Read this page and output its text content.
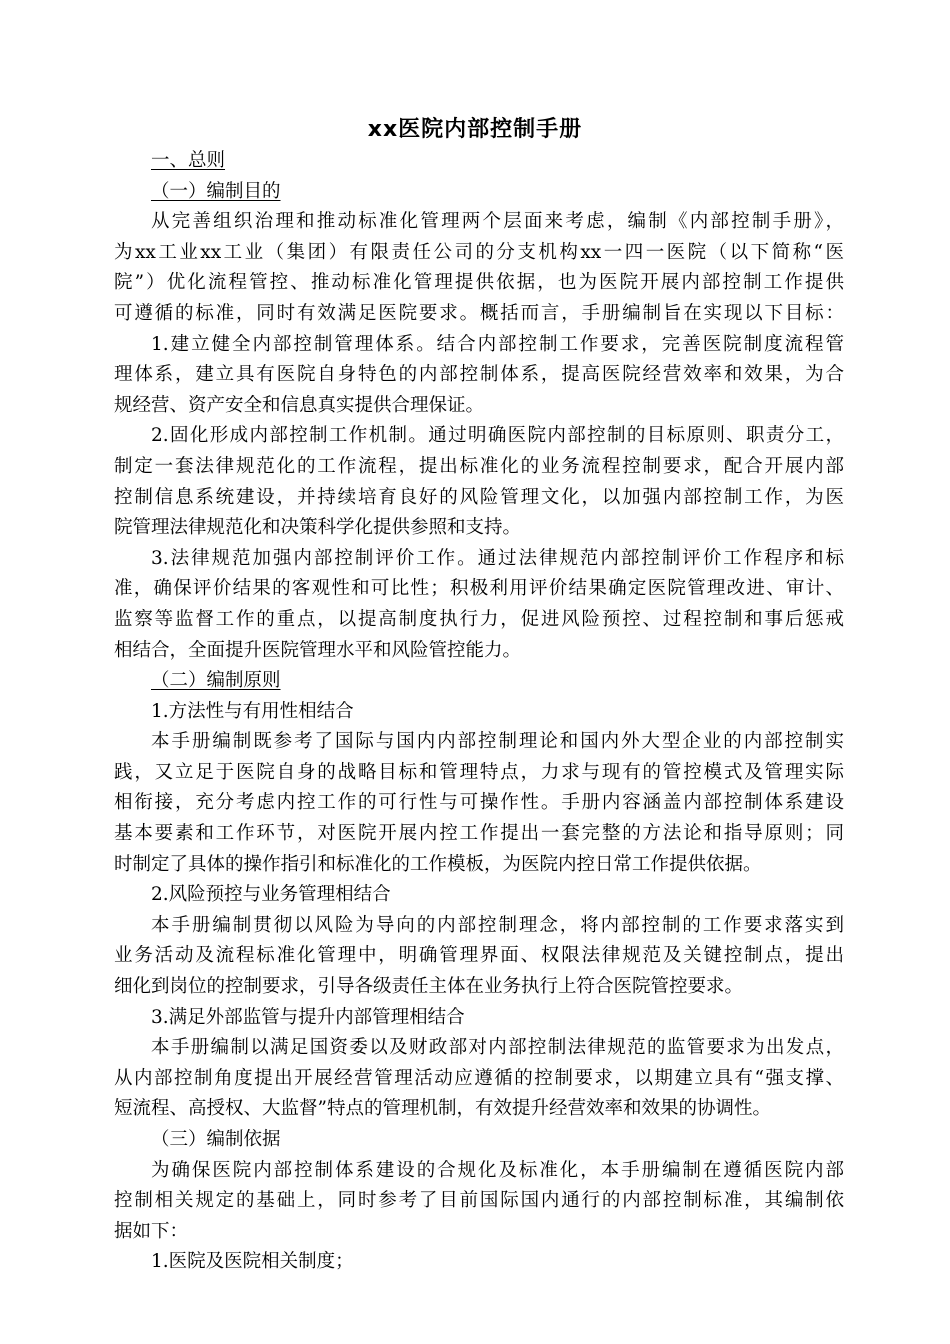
xx医院内部控制手册
一、总则
（一）编制目的
从完善组织治理和推动标准化管理两个层面来考虑，编制《内部控制手册》，
为xx工业xx工业（集团）有限责任公司的分支机构xx一四一医院（以下简称“医
院”）优化流程管控、推动标准化管理提供依据，也为医院开展内部控制工作提供
可遵循的标准，同时有效满足医院要求。概括而言，手册编制旨在实现以下目标：
1.建立健全内部控制管理体系。结合内部控制工作要求，完善医院制度流程管
理体系，建立具有医院自身特色的内部控制体系，提高医院经营效率和效果，为合
规经营、资产安全和信息真实提供合理保证。
2.固化形成内部控制工作机制。通过明确医院内部控制的目标原则、职责分工，
制定一套法律规范化的工作流程，提出标准化的业务流程控制要求，配合开展内部
控制信息系统建设，并持续培育良好的风险管理文化，以加强内部控制工作，为医
院管理法律规范化和决策科学化提供参照和支持。
3.法律规范加强内部控制评价工作。通过法律规范内部控制评价工作程序和标
准，确保评价结果的客观性和可比性；积极利用评价结果确定医院管理改进、审计、
监察等监督工作的重点，以提高制度执行力，促进风险预控、过程控制和事后惩戒
相结合，全面提升医院管理水平和风险管控能力。
（二）编制原则
1.方法性与有用性相结合
本手册编制既参考了国际与国内内部控制理论和国内外大型企业的内部控制实
践，又立足于医院自身的战略目标和管理特点，力求与现有的管控模式及管理实际
相衔接，充分考虑内控工作的可行性与可操作性。手册内容涵盖内部控制体系建设
基本要素和工作环节，对医院开展内控工作提出一套完整的方法论和指导原则；同
时制定了具体的操作指引和标准化的工作模板，为医院内控日常工作提供依据。
2.风险预控与业务管理相结合
本手册编制贯彻以风险为导向的内部控制理念，将内部控制的工作要求落实到
业务活动及流程标准化管理中，明确管理界面、权限法律规范及关键控制点，提出
细化到岗位的控制要求，引导各级责任主体在业务执行上符合医院管控要求。
3.满足外部监管与提升内部管理相结合
本手册编制以满足国资委以及财政部对内部控制法律规范的监管要求为出发点，
从内部控制角度提出开展经营管理活动应遵循的控制要求，以期建立具有“强支撑、
短流程、高授权、大监督”特点的管理机制，有效提升经营效率和效果的协调性。
（三）编制依据
为确保医院内部控制体系建设的合规化及标准化，本手册编制在遵循医院内部
控制相关规定的基础上，同时参考了目前国际国内通行的内部控制标准，其编制依
据如下：
1.医院及医院相关制度；
